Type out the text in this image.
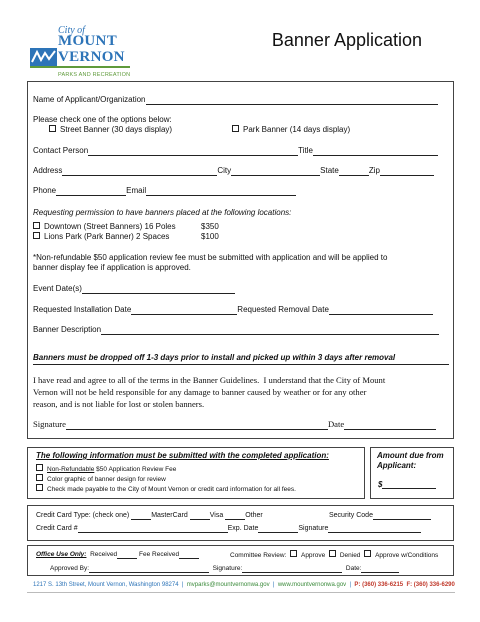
City of
MOUNT
VERNON
PARKS AND RECREATION
Banner Application
Name of Applicant/Organization
Please check one of the options below:
Street Banner (30 days display)	Park Banner (14 days display)
Contact Person	Title
Address	City	State	Zip
Phone	Email
Requesting permission to have banners placed at the following locations:
Downtown (Street Banners) 16 Poles	$350
Lions Park (Park Banner) 2 Spaces	$100
*Non-refundable $50 application review fee must be submitted with application and will be applied to
banner display fee if application is approved.
Event Date(s)
Requested Installation Date	Requested Removal Date
Banner Description
Banners must be dropped off 1-3 days prior to install and picked up within 3 days after removal
I have read and agree to all of the terms in the Banner Guidelines.  I understand that the City of Mount
Vernon will not be held responsible for any damage to banner caused by weather or for any other
reason, and is not liable for lost or stolen banners.
Signature	Date
The following information must be submitted with the completed application:
Non-Refundable $50 Application Review Fee
Color graphic of banner design for review
Check made payable to the City of Mount Vernon or credit card information for all fees.
Amount due from
Applicant:
$
Credit Card Type: (check one)	MasterCard	Visa	Other	Security Code
Credit Card #	Exp. Date	Signature
Office Use Only: Received	Fee Received	Committee Review: Approve Denied Approve w/Conditions
Approved By:	Signature:	Date:
1217 S. 13th Street, Mount Vernon, Washington 98274  |  mvparks@mountvernonwa.gov  |  www.mountvernonwa.gov  |  P: (360) 336-6215 F: (360) 336-6290
